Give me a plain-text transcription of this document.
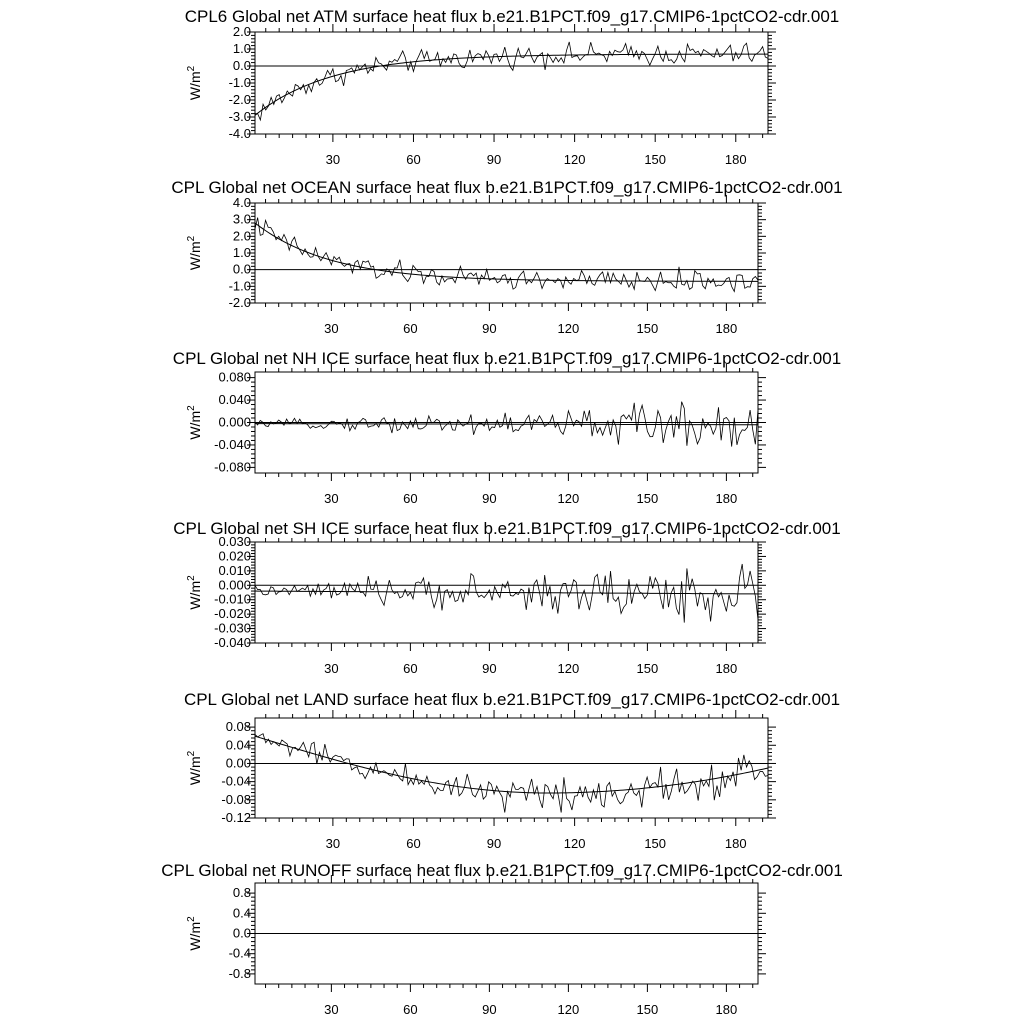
CPL6 Global net ATM surface heat flux b.e21.B1PCT.f09_g17.CMIP6-1pctCO2-cdr.001
$W/m^2$
30	60	90	120	150	180
2.0
1.0
0.0
-1.0
-2.0
-3.0
-4.0
CPL Global net OCEAN surface heat flux b.e21.B1PCT.f09_g17.CMIP6-1pctCO2-cdr.001
$W/m^2$
30	60	90	120	150	180
4.0
3.0
2.0
1.0
0.0
-1.0
-2.0
CPL Global net NH ICE surface heat flux b.e21.B1PCT.f09_g17.CMIP6-1pctCO2-cdr.001
$W/m^2$
30	60	90	120	150	180
0.080
0.040
0.000
-0.040
-0.080
CPL Global net SH ICE surface heat flux b.e21.B1PCT.f09_g17.CMIP6-1pctCO2-cdr.001
$W/m^2$
30	60	90	120	150	180
0.030
0.020
0.010
0.000
-0.010
-0.020
-0.030
-0.040
CPL Global net LAND surface heat flux b.e21.B1PCT.f09_g17.CMIP6-1pctCO2-cdr.001
$W/m^2$
30	60	90	120	150	180
0.08
0.04
0.00
-0.04
-0.08
-0.12
CPL Global net RUNOFF surface heat flux b.e21.B1PCT.f09_g17.CMIP6-1pctCO2-cdr.001
$W/m^2$
30	60	90	120	150	180
0.8
0.4
0.0
-0.4
-0.8
